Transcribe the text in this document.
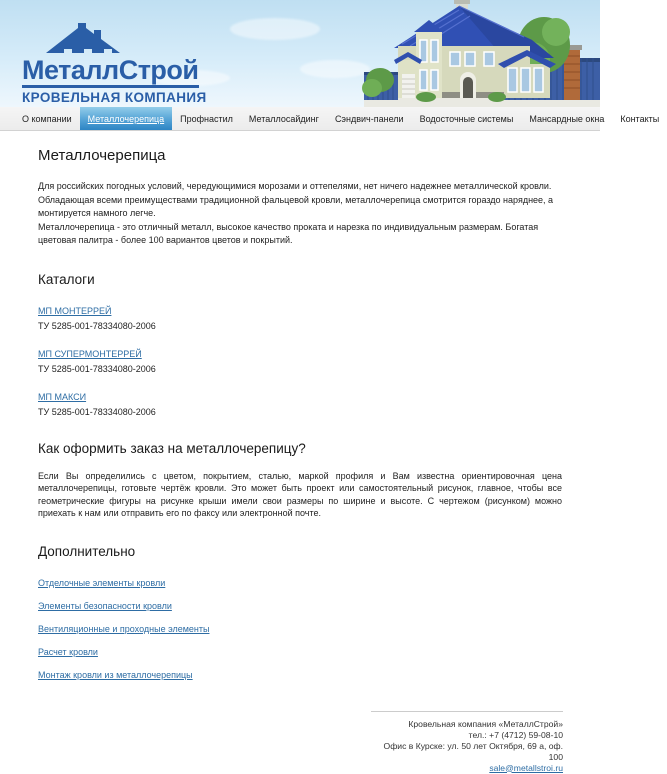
МеталлСтрой
КРОВЕЛЬНАЯ КОМПАНИЯ
О компании	Металлочерепица	Профнастил	Металлосайдинг	Сэндвич-панели	Водосточные системы	Мансардные окна	Контакты
Металлочерепица

Для российских погодных условий, чередующимися морозами и оттепелями, нет ничего надежнее металлической кровли.

Обладающая всеми преимуществами традиционной фальцевой кровли, металлочерепица смотрится гораздо наряднее, а монтируется намного легче.

Металлочерепица - это отличный металл, высокое качество проката и нарезка по индивидуальным размерам. Богатая цветовая палитра - более 100 вариантов цветов и покрытий.

Каталоги
МП МОНТЕРРЕЙ
ТУ 5285-001-78334080-2006
МП СУПЕРМОНТЕРРЕЙ
ТУ 5285-001-78334080-2006
МП МАКСИ
ТУ 5285-001-78334080-2006
Как оформить заказ на металлочерепицу?

Если Вы определились с цветом, покрытием, сталью, маркой профиля и Вам известна ориентировочная цена металлочерепицы, готовьте чертёж кровли. Это может быть проект или самостоятельный рисунок, главное, чтобы все геометрические фигуры на рисунке крыши имели свои размеры по ширине и высоте. С чертежом (рисунком) можно приехать к нам или отправить его по факсу или электронной почте.

Дополнительно
Отделочные элементы кровли
Элементы безопасности кровли
Вентиляционные и проходные элементы
Расчет кровли
Монтаж кровли из металлочерепицы
Кровельная компания «МеталлСтрой»
тел.: +7 (4712) 59-08-10
Офис в Курске: ул. 50 лет Октября, 69 а, оф. 100
sale@metallstroi.ru
